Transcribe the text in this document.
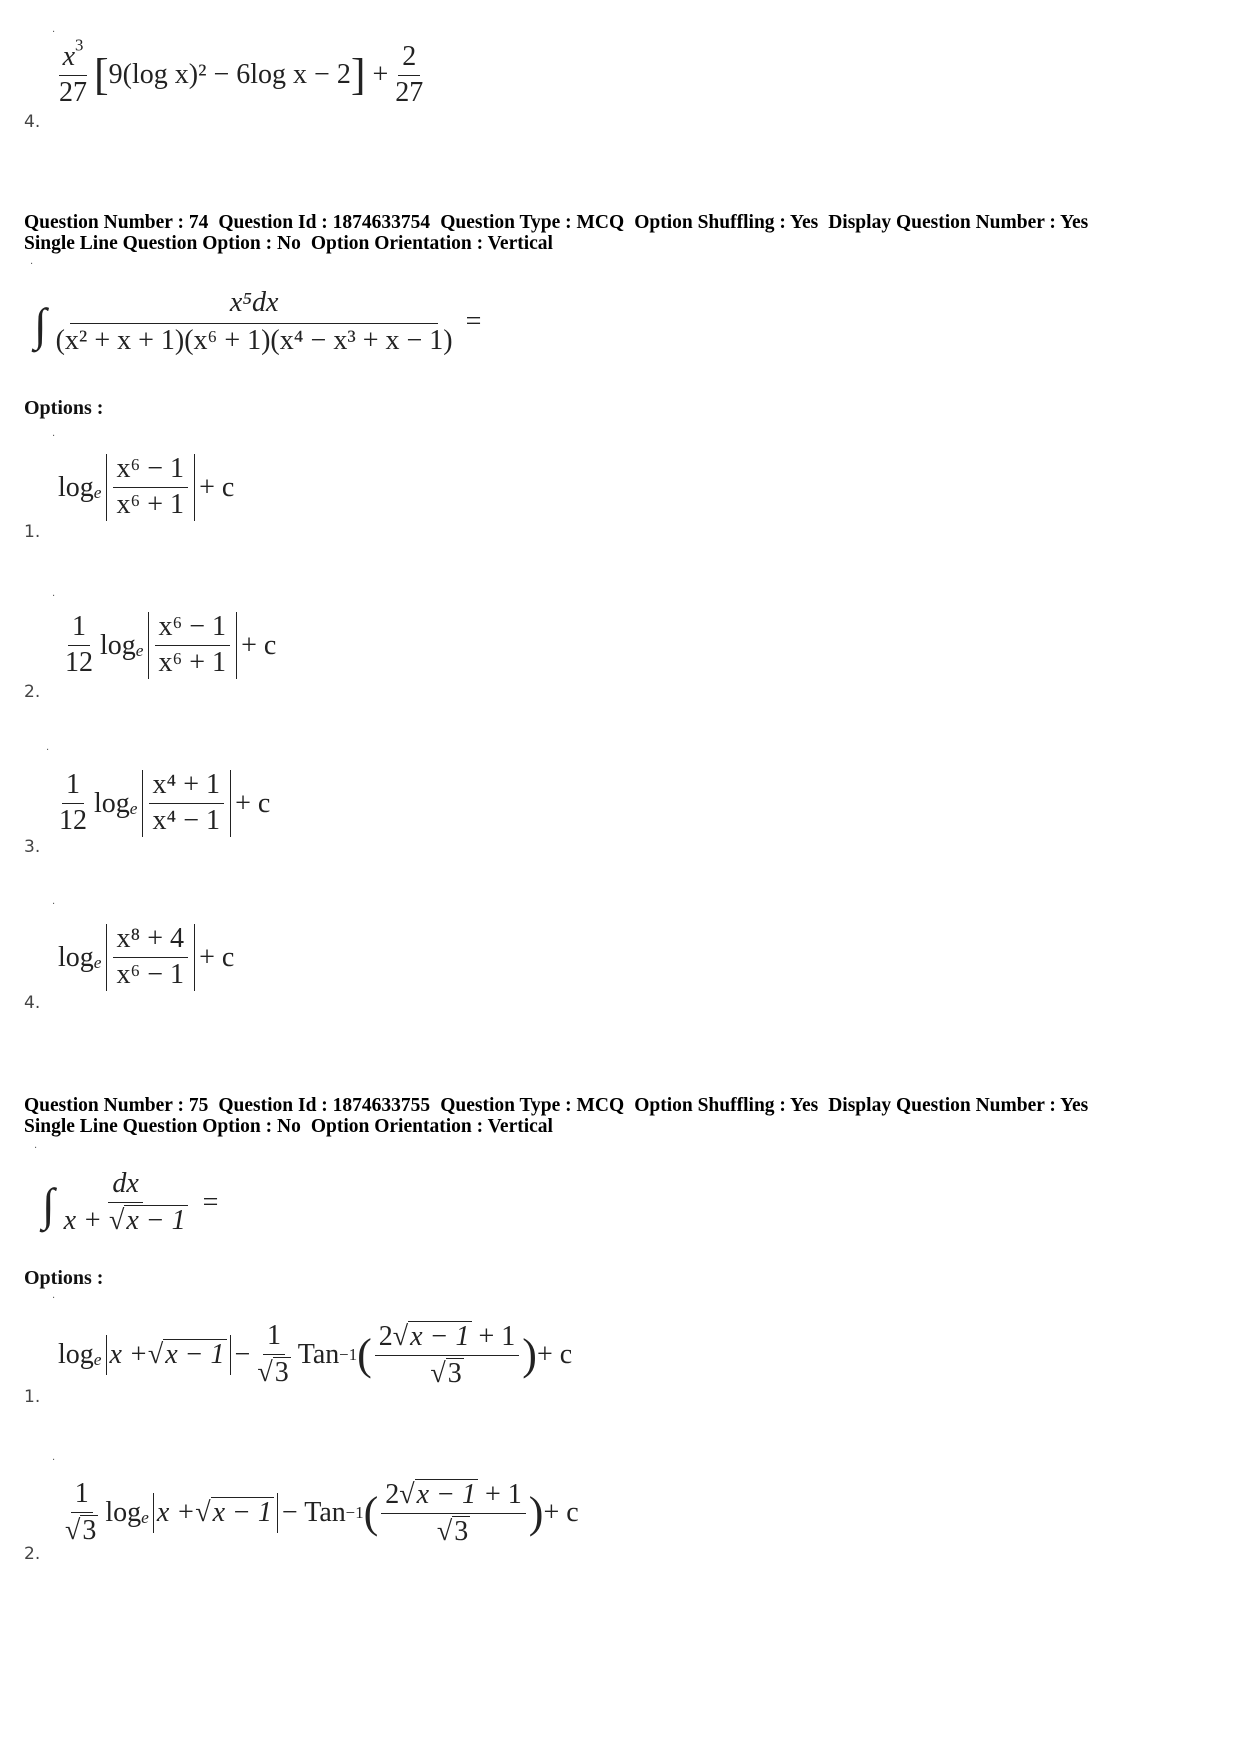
.
$\frac{x^3}{27}$ [ 9(log x)² − 6log x − 2 ] + $\frac{2}{27}$
4.
Question Number : 74 Question Id : 1874633754 Question Type : MCQ Option Shuffling : Yes Display Question Number : Yes
Single Line Question Option : No Option Orientation : Vertical
.
∫ $\frac{\text{x⁵dx}}{\text{(x² + x + 1)(x⁶ + 1)(x⁴ − x³ + x − 1)}}$ =
Options :
.
log e $\frac{\text{x⁶ − 1}}{\text{x⁶ + 1}} + c$
1.
.
$\frac{1}{12}$ log e $\frac{\text{x⁶ − 1}}{\text{x⁶ + 1}} + c$
2.
.
$\frac{1}{12}$ log e $\frac{\text{x⁴ + 1}}{\text{x⁴ − 1}} + c$
3.
.
log e $\frac{\text{x⁸ + 4}}{\text{x⁶ − 1}} + c$
4.
Question Number : 75 Question Id : 1874633755 Question Type : MCQ Option Shuffling : Yes Display Question Number : Yes
Single Line Question Option : No Option Orientation : Vertical
.
∫ $\frac{dx}{x + √ x - 1}$ =
Options :
.
log e x + √ $x - 1 - \frac{1}{√ 3}$ Tan −1 ( $\frac{2 √ x - 1 + 1}{√ 3}$ ) + c
1.
.
$\frac{1}{√ 3}$ log e x + √ x − 1 − Tan −1 ( $\frac{2 √ x - 1 + 1}{√ 3}$ ) + c
2.
